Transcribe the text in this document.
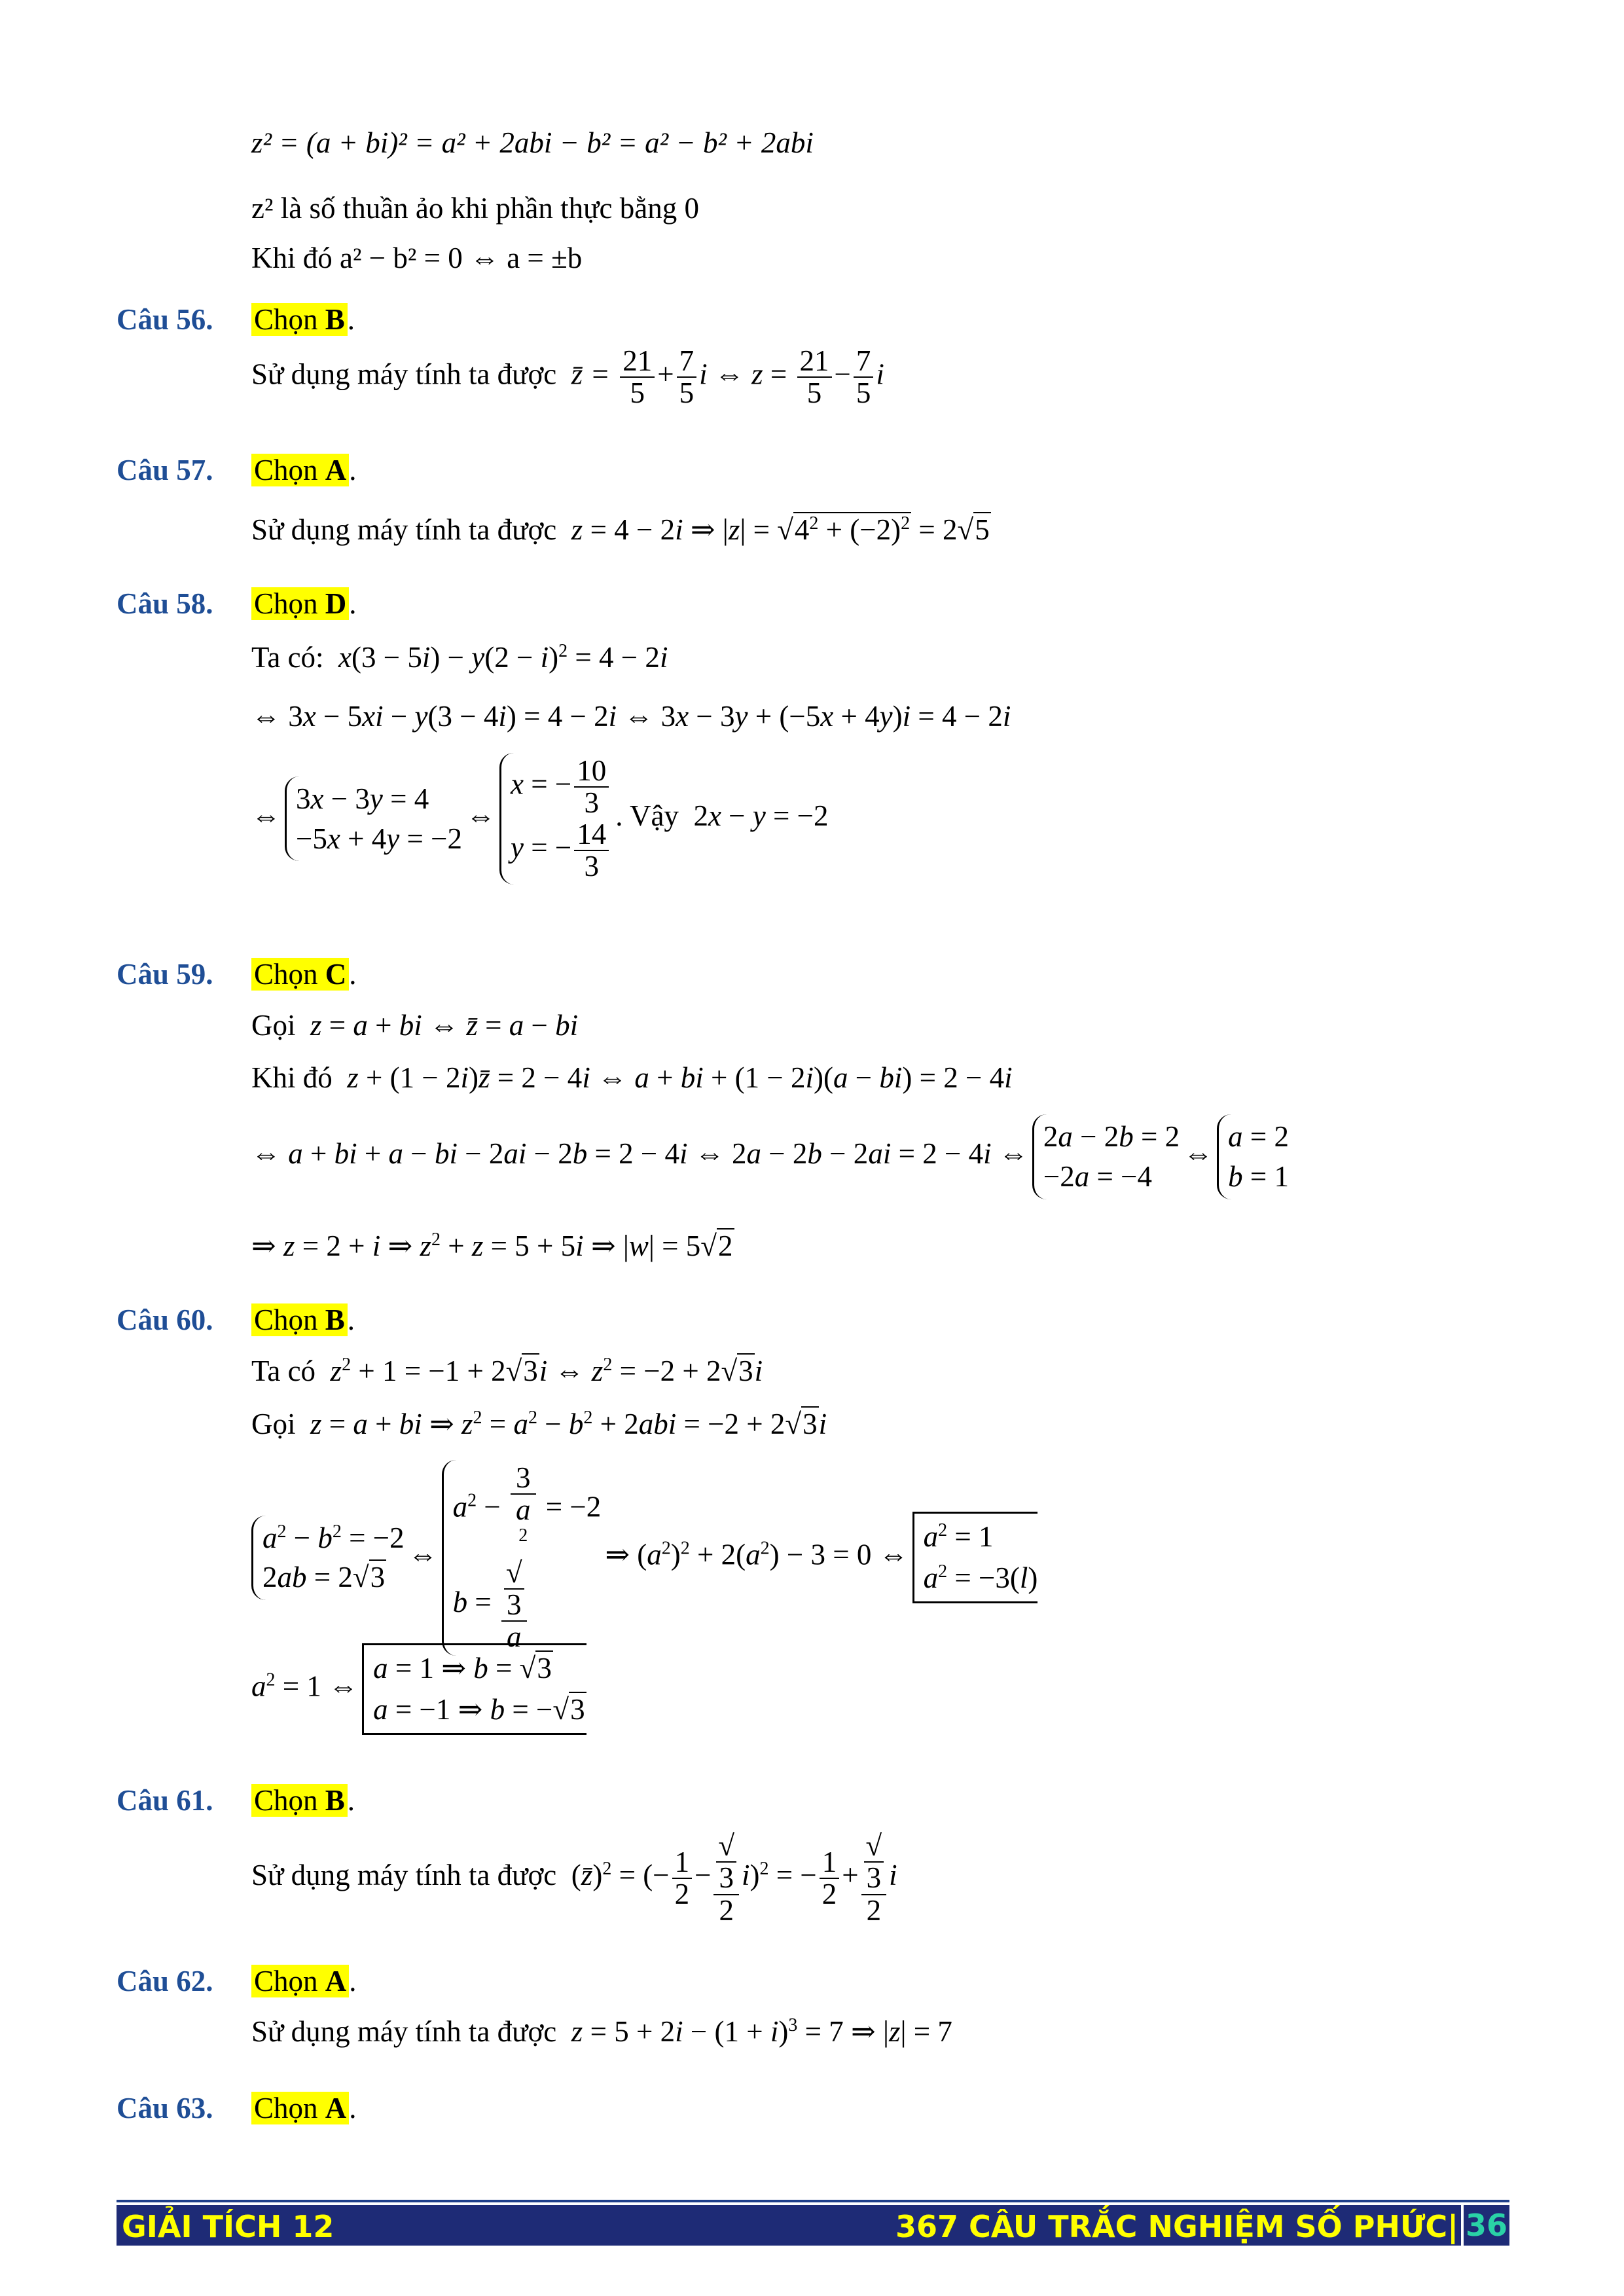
z² = (a + bi)² = a² + 2abi − b² = a² − b² + 2abi
z² là số thuần ảo khi phần thực bằng 0
Khi đó a² − b² = 0 ⇔ a = ±b
Câu 56. Chọn B.
Sử dụng máy tính ta được z̄ = $\frac{21}{5} + \frac{7}{5}$ i ⇔ $z = \frac{21}{5} - \frac{7}{5}$ i
Câu 57. Chọn A.
Sử dụng máy tính ta được z = 4 − 2i ⇒ $|z| = √4^2 + (-2)^2 = 2√5$
Câu 58. Chọn D.
Ta có: $x(3 - 5i) - y(2 - i)^2 = 4 - 2i$
⇔ 3x − 5xi − y(3 − 4i) = 4 − 2i ⇔ 3x − 3y + (−5x + 4y)i = 4 − 2i
⇔
3x − 3y = 4
−5x + 4y = −2
⇔
x = − $\frac{10}{3}$
y = − $\frac{14}{3}$
. Vậy  2x − y = −2
Câu 59. Chọn C.
Gọi z = a + bi ⇔ z̄ = a − bi
Khi đó z + (1 − 2i)z̄ = 2 − 4i ⇔ a + bi + (1 − 2i)(a − bi) = 2 − 4i
⇔ a + bi + a − bi − 2ai − 2b = 2 − 4i ⇔ 2a − 2b − 2ai = 2 − 4i ⇔
2a − 2b = 2
−2a = −4
⇔
a = 2
b = 1
⇒ z = 2 + i ⇒ $z^2 + z = 5 + 5i$ ⇒ |w| = 5√2
Câu 60. Chọn B.
Ta có $z^2 + 1 = -1 + 2√3i$ ⇔ $z^2 = -2 + 2√3i$
Gọi z = a + bi ⇒ $z^2 = a^2 - b^2 + 2abi = -2 + 2√3i$
$a^2 - b^2 = -2$
2ab = 2√3
⇔
$a^2 - 3$
a
$^2$ = −2
b = √
3
a
⇒ $(a^2)^2 + 2(a^2) - 3 = 0$ ⇔
$a^2 = 1$
$a^2 = -3(l)$
$a^2 = 1$ ⇔
a = 1 ⇒ b = √3
a = −1 ⇒ b = −√3
Câu 61. Chọn B.
Sử dụng máy tính ta được  (z̄)$^2$ = (− $\frac{1}{2}$ − √
3
2 i)$^2$ = − $\frac{1}{2}$ + √
3
2 i
Câu 62. Chọn A.
Sử dụng máy tính ta được $z = 5 + 2i - (1 + i)^3 = 7$ ⇒ |z| = 7
Câu 63. Chọn A.
GIẢI TÍCH 12	367 CÂU TRẮC NGHIỆM SỐ PHỨC| 36
